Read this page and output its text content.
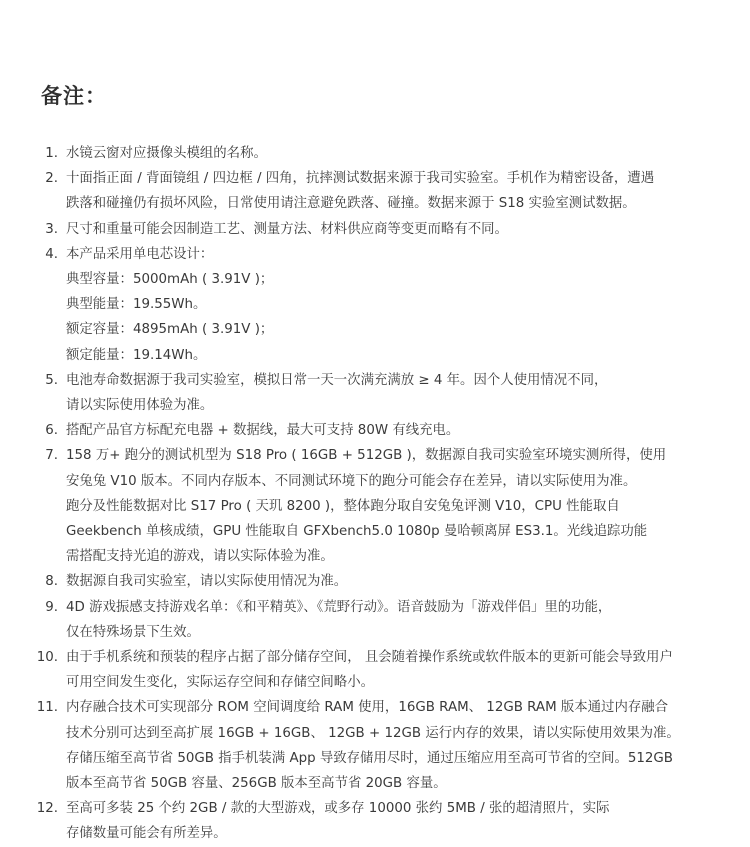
备注：
1. 水镜云窗对应摄像头模组的名称。
2. 十面指正面 / 背面镜组 / 四边框 / 四角，抗摔测试数据来源于我司实验室。手机作为精密设备，遭遇
跌落和碰撞仍有损坏风险，日常使用请注意避免跌落、碰撞。数据来源于 S18 实验室测试数据。
3. 尺寸和重量可能会因制造工艺、测量方法、材料供应商等变更而略有不同。
4. 本产品采用单电芯设计：
典型容量：5000mAh ( 3.91V )；
典型能量：19.55Wh。
额定容量：4895mAh ( 3.91V )；
额定能量：19.14Wh。
5. 电池寿命数据源于我司实验室，模拟日常一天一次满充满放 ≥ 4 年。因个人使用情况不同，
请以实际使用体验为准。
6. 搭配产品官方标配充电器 + 数据线，最大可支持 80W 有线充电。
7. 158 万+ 跑分的测试机型为 S18 Pro ( 16GB + 512GB )，数据源自我司实验室环境实测所得，使用
安兔兔 V10 版本。不同内存版本、不同测试环境下的跑分可能会存在差异，请以实际使用为准。
跑分及性能数据对比 S17 Pro ( 天玑 8200 )，整体跑分取自安兔兔评测 V10，CPU 性能取自
Geekbench 单核成绩，GPU 性能取自 GFXbench5.0 1080p 曼哈顿离屏 ES3.1。光线追踪功能
需搭配支持光追的游戏，请以实际体验为准。
8. 数据源自我司实验室，请以实际使用情况为准。
9. 4D 游戏振感支持游戏名单：《和平精英》、《荒野行动》。语音鼓励为「游戏伴侣」里的功能，
仅在特殊场景下生效。
10. 由于手机系统和预装的程序占据了部分储存空间， 且会随着操作系统或软件版本的更新可能会导致用户
可用空间发生变化，实际运存空间和存储空间略小。
11. 内存融合技术可实现部分 ROM 空间调度给 RAM 使用，16GB RAM、 12GB RAM 版本通过内存融合
技术分别可达到至高扩展 16GB + 16GB、 12GB + 12GB 运行内存的效果，请以实际使用效果为准。
存储压缩至高节省 50GB 指手机装满 App 导致存储用尽时，通过压缩应用至高可节省的空间。512GB
版本至高节省 50GB 容量、256GB 版本至高节省 20GB 容量。
12. 至高可多装 25 个约 2GB / 款的大型游戏，或多存 10000 张约 5MB / 张的超清照片，实际
存储数量可能会有所差异。
